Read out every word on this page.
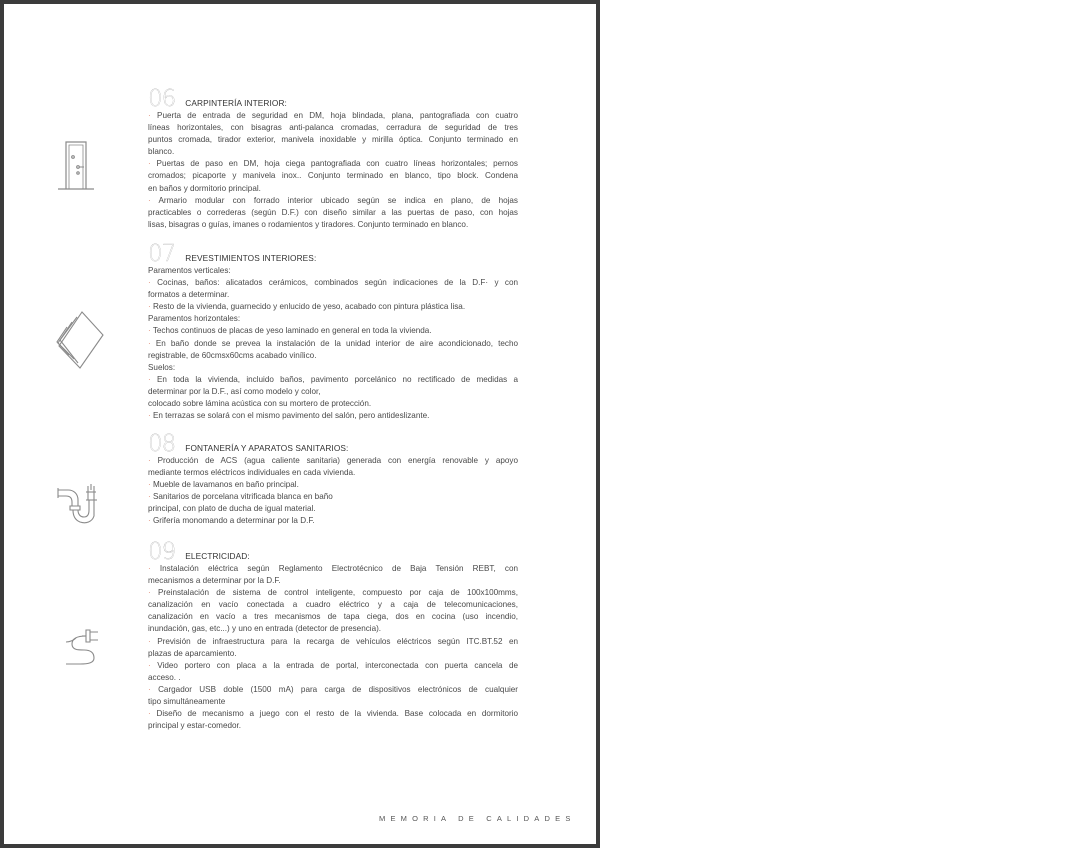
06 CARPINTERÍA INTERIOR:
· Puerta de entrada de seguridad en DM, hoja blindada, plana, pantografiada con cuatro
líneas horizontales, con bisagras anti-palanca cromadas, cerradura de seguridad de tres
puntos cromada, tirador exterior, manivela inoxidable y mirilla óptica. Conjunto terminado en
blanco.
· Puertas de paso en DM, hoja ciega pantografiada con cuatro líneas horizontales; pernos
cromados; picaporte y manivela inox.. Conjunto terminado en blanco, tipo block. Condena
en baños y dormitorio principal.
· Armario modular con forrado interior ubicado según se indica en plano, de hojas
practicables o correderas (según D.F.) con diseño similar a las puertas de paso, con hojas
lisas, bisagras o guías, imanes o rodamientos y tiradores. Conjunto terminado en blanco.
07 REVESTIMIENTOS INTERIORES:
Paramentos verticales:
· Cocinas, baños: alicatados cerámicos, combinados según indicaciones de la D.F· y con
formatos a determinar.
· Resto de la vivienda, guarnecido y enlucido de yeso, acabado con pintura plástica lisa.
Paramentos horizontales:
· Techos continuos de placas de yeso laminado en general en toda la vivienda.
· En baño donde se prevea la instalación de la unidad interior de aire acondicionado, techo
registrable, de 60cmsx60cms acabado vinílico.
Suelos:
· En toda la vivienda, incluido baños, pavimento porcelánico no rectificado de medidas a
determinar por la D.F., así como modelo y color,
colocado sobre lámina acústica con su mortero de protección.
· En terrazas se solará con el mismo pavimento del salón, pero antideslizante.
08 FONTANERÍA Y APARATOS SANITARIOS:
· Producción de ACS (agua caliente sanitaria) generada con energía renovable y apoyo
mediante termos eléctricos individuales en cada vivienda.
· Mueble de lavamanos en baño principal.
· Sanitarios de porcelana vitrificada blanca en baño
principal, con plato de ducha de igual material.
· Grifería monomando a determinar por la D.F.
09 ELECTRICIDAD:
· Instalación eléctrica según Reglamento Electrotécnico de Baja Tensión REBT, con
mecanismos a determinar por la D.F.
· Preinstalación de sistema de control inteligente, compuesto por caja de 100x100mms,
canalización en vacío conectada a cuadro eléctrico y a caja de telecomunicaciones,
canalización en vacío a tres mecanismos de tapa ciega, dos en cocina (uso incendio,
inundación, gas, etc...) y uno en entrada (detector de presencia).
· Previsión de infraestructura para la recarga de vehículos eléctricos según ITC.BT.52 en
plazas de aparcamiento.
· Video portero con placa a la entrada de portal, interconectada con puerta cancela de
acceso. .
· Cargador USB doble (1500 mA) para carga de dispositivos electrónicos de cualquier
tipo simultáneamente
· Diseño de mecanismo a juego con el resto de la vivienda. Base colocada en dormitorio
principal y estar-comedor.
MEMORIA DE CALIDADES
